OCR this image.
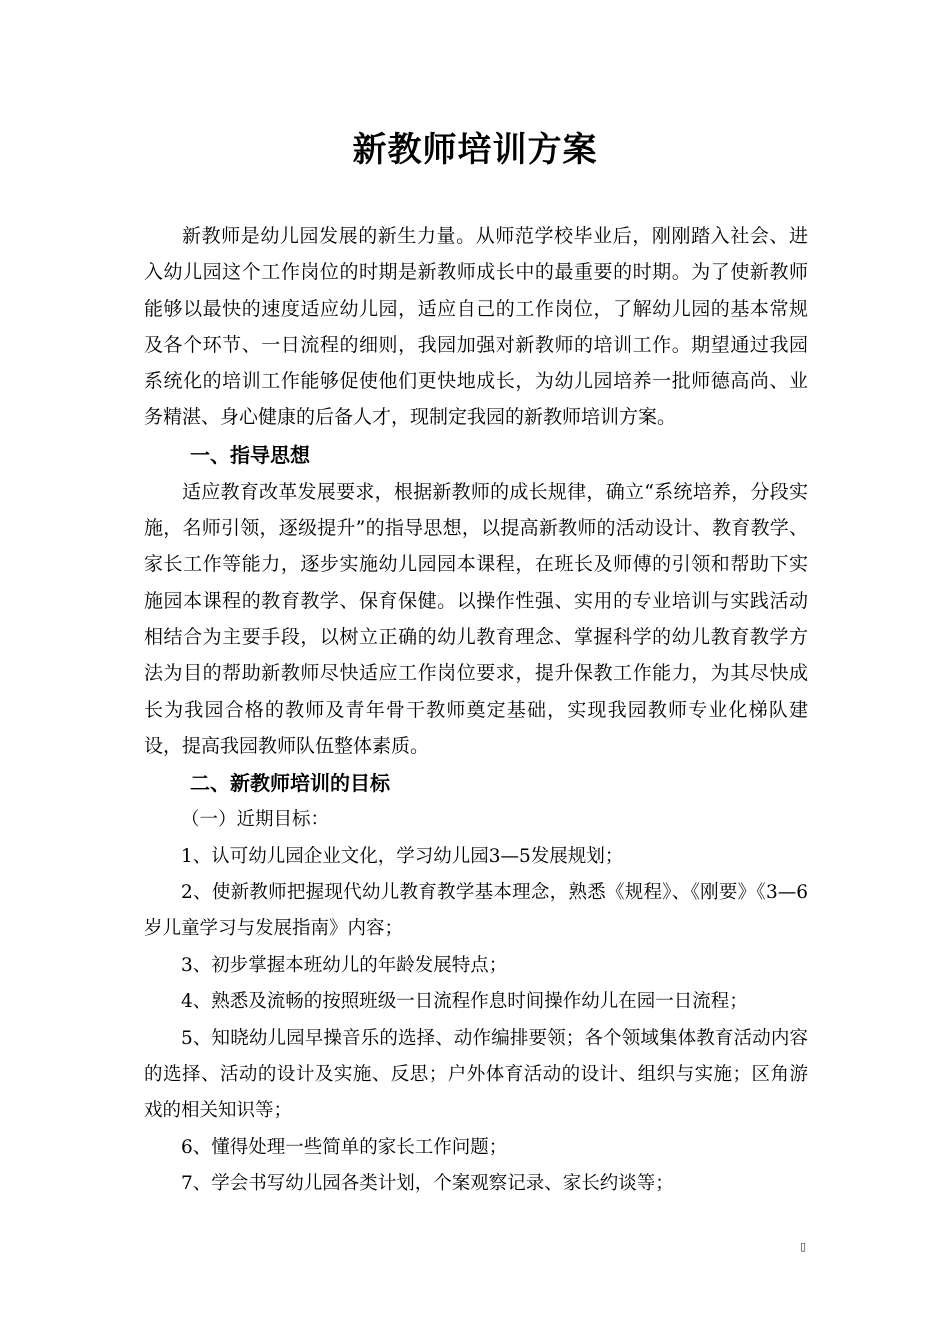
新教师培训方案

新教师是幼儿园发展的新生力量。从师范学校毕业后，刚刚踏入社会、进入幼儿园这个工作岗位的时期是新教师成长中的最重要的时期。为了使新教师能够以最快的速度适应幼儿园，适应自己的工作岗位，了解幼儿园的基本常规及各个环节、一日流程的细则，我园加强对新教师的培训工作。期望通过我园系统化的培训工作能够促使他们更快地成长，为幼儿园培养一批师德高尚、业务精湛、身心健康的后备人才，现制定我园的新教师培训方案。

一、指导思想

适应教育改革发展要求，根据新教师的成长规律，确立“系统培养，分段实施，名师引领，逐级提升”的指导思想，以提高新教师的活动设计、教育教学、家长工作等能力，逐步实施幼儿园园本课程，在班长及师傅的引领和帮助下实施园本课程的教育教学、保育保健。以操作性强、实用的专业培训与实践活动相结合为主要手段，以树立正确的幼儿教育理念、掌握科学的幼儿教育教学方法为目的帮助新教师尽快适应工作岗位要求，提升保教工作能力，为其尽快成长为我园合格的教师及青年骨干教师奠定基础，实现我园教师专业化梯队建设，提高我园教师队伍整体素质。

二、新教师培训的目标

（一）近期目标：

1、认可幼儿园企业文化，学习幼儿园3—5发展规划；

2、使新教师把握现代幼儿教育教学基本理念，熟悉《规程》、《刚要》《3—6岁儿童学习与发展指南》内容；

3、初步掌握本班幼儿的年龄发展特点；

4、熟悉及流畅的按照班级一日流程作息时间操作幼儿在园一日流程；

5、知晓幼儿园早操音乐的选择、动作编排要领；各个领域集体教育活动内容的选择、活动的设计及实施、反思；户外体育活动的设计、组织与实施；区角游戏的相关知识等；

6、懂得处理一些简单的家长工作问题；

7、学会书写幼儿园各类计划，个案观察记录、家长约谈等；

▯
